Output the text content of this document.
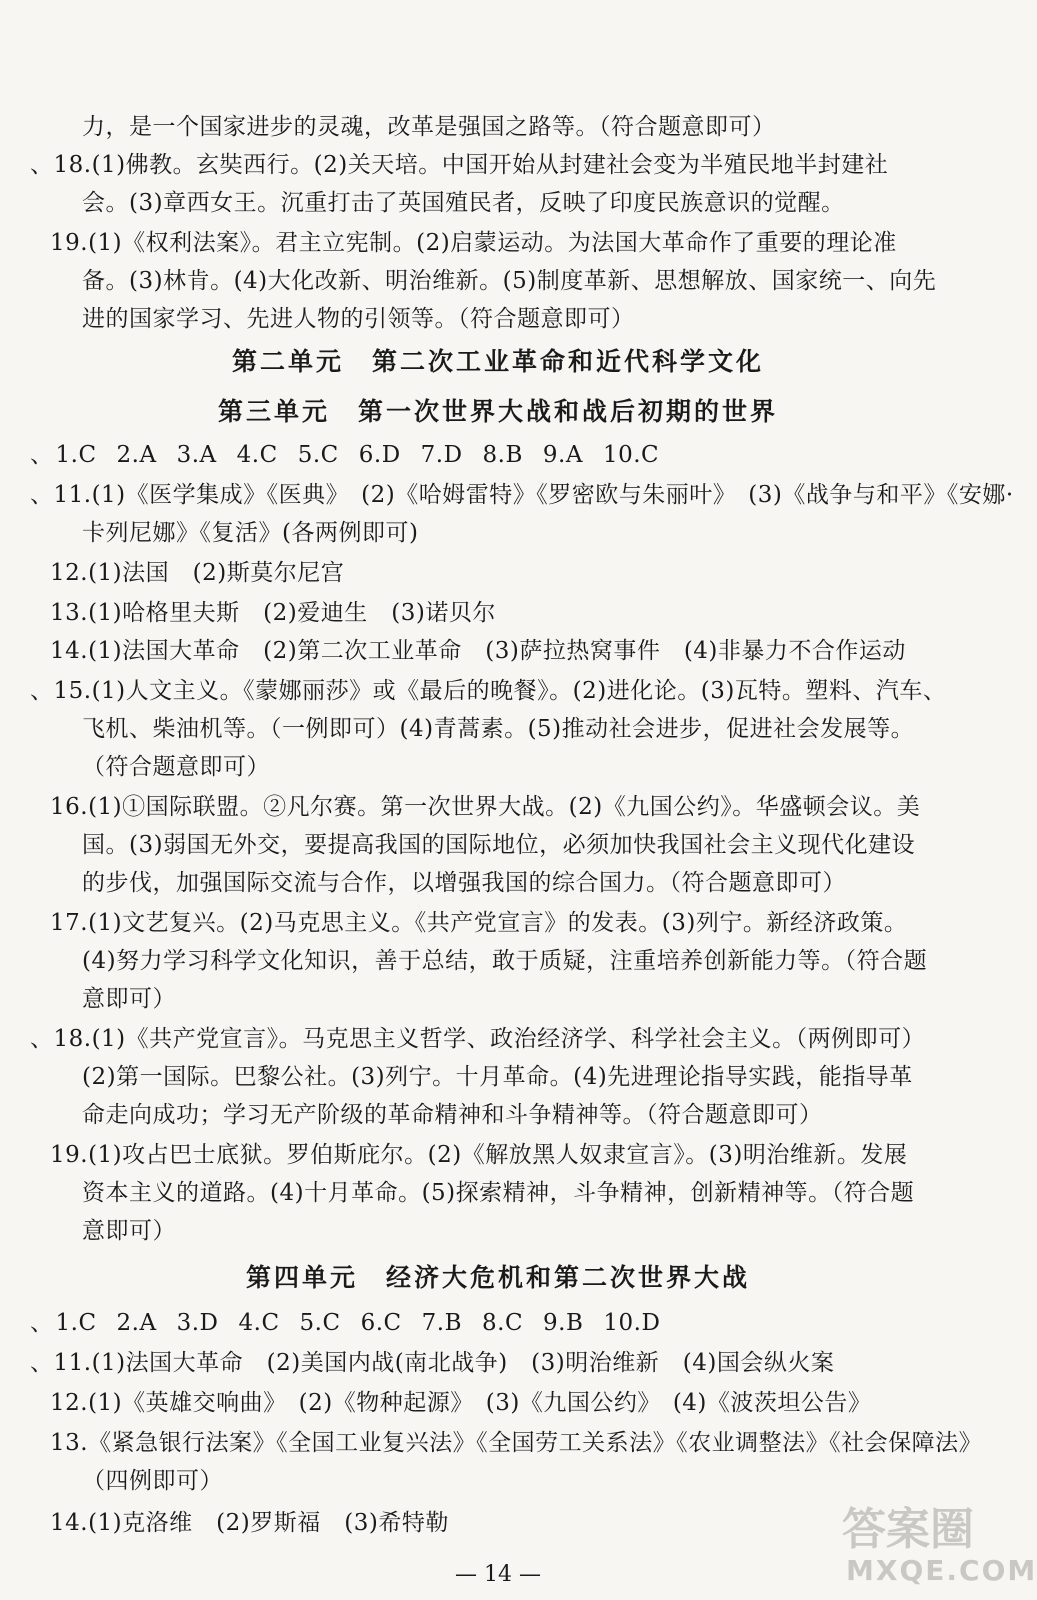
力，是一个国家进步的灵魂，改革是强国之路等。（符合题意即可）
、18.(1)佛教。玄奘西行。(2)关天培。中国开始从封建社会变为半殖民地半封建社
会。(3)章西女王。沉重打击了英国殖民者，反映了印度民族意识的觉醒。
19.(1)《权利法案》。君主立宪制。(2)启蒙运动。为法国大革命作了重要的理论准
备。(3)林肯。(4)大化改新、明治维新。(5)制度革新、思想解放、国家统一、向先
进的国家学习、先进人物的引领等。（符合题意即可）
第二单元　第二次工业革命和近代科学文化
第三单元　第一次世界大战和战后初期的世界
、1.C 2.A 3.A 4.C 5.C 6.D 7.D 8.B 9.A 10.C
、11.(1)《医学集成》《医典》　(2)《哈姆雷特》《罗密欧与朱丽叶》　(3)《战争与和平》《安娜·
卡列尼娜》《复活》(各两例即可)
12.(1)法国　(2)斯莫尔尼宫
13.(1)哈格里夫斯　(2)爱迪生　(3)诺贝尔
14.(1)法国大革命　(2)第二次工业革命　(3)萨拉热窝事件　(4)非暴力不合作运动
、15.(1)人文主义。《蒙娜丽莎》或《最后的晚餐》。(2)进化论。(3)瓦特。塑料、汽车、
飞机、柴油机等。（一例即可）(4)青蒿素。(5)推动社会进步，促进社会发展等。
（符合题意即可）
16.(1)①国际联盟。②凡尔赛。第一次世界大战。(2)《九国公约》。华盛顿会议。美
国。(3)弱国无外交，要提高我国的国际地位，必须加快我国社会主义现代化建设
的步伐，加强国际交流与合作，以增强我国的综合国力。（符合题意即可）
17.(1)文艺复兴。(2)马克思主义。《共产党宣言》的发表。(3)列宁。新经济政策。
(4)努力学习科学文化知识，善于总结，敢于质疑，注重培养创新能力等。（符合题
意即可）
、18.(1)《共产党宣言》。马克思主义哲学、政治经济学、科学社会主义。（两例即可）
(2)第一国际。巴黎公社。(3)列宁。十月革命。(4)先进理论指导实践，能指导革
命走向成功；学习无产阶级的革命精神和斗争精神等。（符合题意即可）
19.(1)攻占巴士底狱。罗伯斯庇尔。(2)《解放黑人奴隶宣言》。(3)明治维新。发展
资本主义的道路。(4)十月革命。(5)探索精神，斗争精神，创新精神等。（符合题
意即可）
第四单元　经济大危机和第二次世界大战
、1.C 2.A 3.D 4.C 5.C 6.C 7.B 8.C 9.B 10.D
、11.(1)法国大革命　(2)美国内战(南北战争)　(3)明治维新　(4)国会纵火案
12.(1)《英雄交响曲》　(2)《物种起源》　(3)《九国公约》　(4)《波茨坦公告》
13.《紧急银行法案》《全国工业复兴法》《全国劳工关系法》《农业调整法》《社会保障法》
（四例即可）
14.(1)克洛维　(2)罗斯福　(3)希特勒
— 14 —
答案圈
MXQE.COM
